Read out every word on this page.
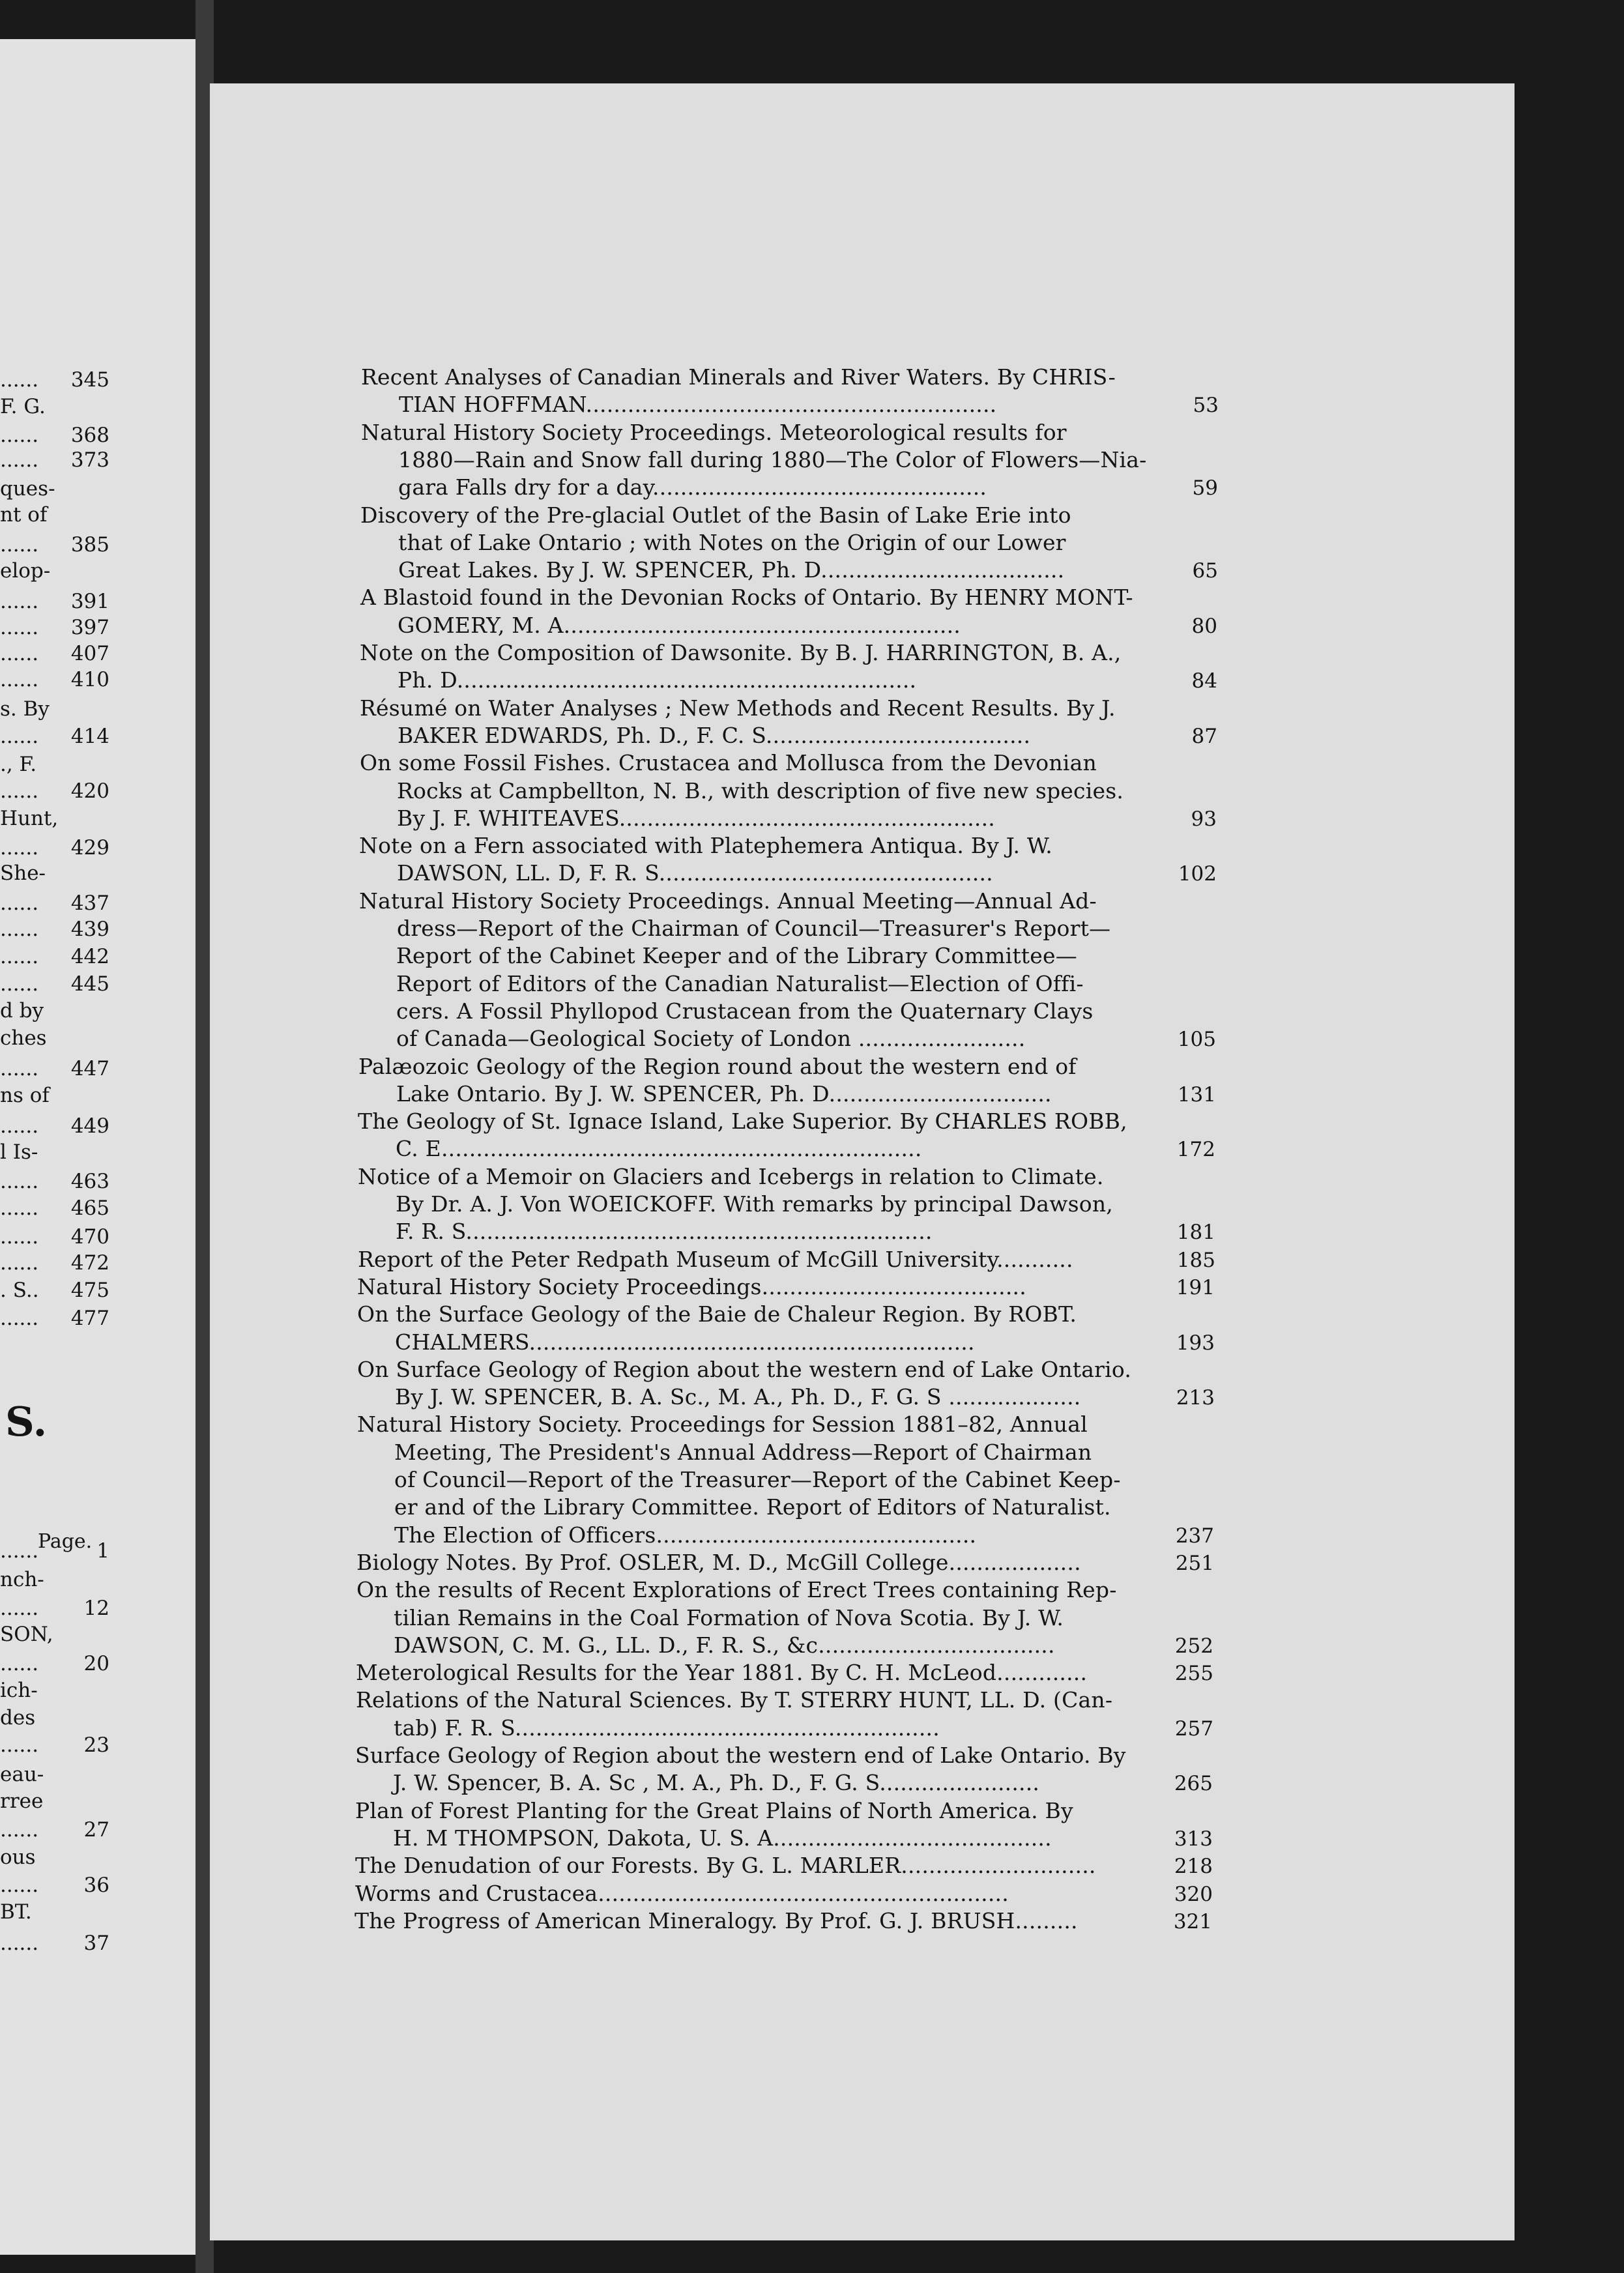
...... 345
F. G.
...... 368
...... 373
ques-
nt of
...... 385
elop-
...... 391
...... 397
...... 407
...... 410
s. By
...... 414
., F.
...... 420
Hunt,
...... 429
She-
...... 437
...... 439
...... 442
...... 445
d by
ches
...... 447
ns of
...... 449
l Is-
...... 463
...... 465
...... 470
...... 472
. S.. 475
...... 477
S.
Page.
......	1
nch-
......	12
SON,
......	20
ich-
des
......	23
eau-
rree
......	27
ous
......	36
BT.
......	37
Recent Analyses of Canadian Minerals and River Waters. By CHRIS-
TIAN HOFFMAN...........................................................	53
Natural History Society Proceedings. Meteorological results for
1880—Rain and Snow fall during 1880—The Color of Flowers—Nia-
gara Falls dry for a day................................................	59
Discovery of the Pre-glacial Outlet of the Basin of Lake Erie into
that of Lake Ontario ; with Notes on the Origin of our Lower
Great Lakes. By J. W. SPENCER, Ph. D...................................	65
A Blastoid found in the Devonian Rocks of Ontario. By HENRY MONT-
GOMERY, M. A.........................................................	80
Note on the Composition of Dawsonite. By B. J. HARRINGTON, B. A.,
Ph. D..................................................................	84
Résumé on Water Analyses ; New Methods and Recent Results. By J.
BAKER EDWARDS, Ph. D., F. C. S......................................	87
On some Fossil Fishes. Crustacea and Mollusca from the Devonian
Rocks at Campbellton, N. B., with description of five new species.
By J. F. WHITEAVES......................................................	93
Note on a Fern associated with Platephemera Antiqua. By J. W.
DAWSON, LL. D, F. R. S................................................	102
Natural History Society Proceedings. Annual Meeting—Annual Ad-
dress—Report of the Chairman of Council—Treasurer's Report—
Report of the Cabinet Keeper and of the Library Committee—
Report of Editors of the Canadian Naturalist—Election of Offi-
cers. A Fossil Phyllopod Crustacean from the Quaternary Clays
of Canada—Geological Society of London ........................	105
Palæozoic Geology of the Region round about the western end of
Lake Ontario. By J. W. SPENCER, Ph. D................................	131
The Geology of St. Ignace Island, Lake Superior. By CHARLES ROBB,
C. E.....................................................................	172
Notice of a Memoir on Glaciers and Icebergs in relation to Climate.
By Dr. A. J. Von WOEICKOFF. With remarks by principal Dawson,
F. R. S...................................................................	181
Report of the Peter Redpath Museum of McGill University...........	185
Natural History Society Proceedings......................................	191
On the Surface Geology of the Baie de Chaleur Region. By ROBT.
CHALMERS................................................................	193
On Surface Geology of Region about the western end of Lake Ontario.
By J. W. SPENCER, B. A. Sc., M. A., Ph. D., F. G. S ...................	213
Natural History Society. Proceedings for Session 1881–82, Annual
Meeting, The President's Annual Address—Report of Chairman
of Council—Report of the Treasurer—Report of the Cabinet Keep-
er and of the Library Committee. Report of Editors of Naturalist.
The Election of Officers..............................................	237
Biology Notes. By Prof. OSLER, M. D., McGill College...................	251
On the results of Recent Explorations of Erect Trees containing Rep-
tilian Remains in the Coal Formation of Nova Scotia. By J. W.
DAWSON, C. M. G., LL. D., F. R. S., &c..................................	252
Meterological Results for the Year 1881. By C. H. McLeod.............	255
Relations of the Natural Sciences. By T. STERRY HUNT, LL. D. (Can-
tab) F. R. S.............................................................	257
Surface Geology of Region about the western end of Lake Ontario. By
J. W. Spencer, B. A. Sc , M. A., Ph. D., F. G. S.......................	265
Plan of Forest Planting for the Great Plains of North America. By
H. M THOMPSON, Dakota, U. S. A........................................	313
The Denudation of our Forests. By G. L. MARLER............................	218
Worms and Crustacea...........................................................	320
The Progress of American Mineralogy. By Prof. G. J. BRUSH.........	321
